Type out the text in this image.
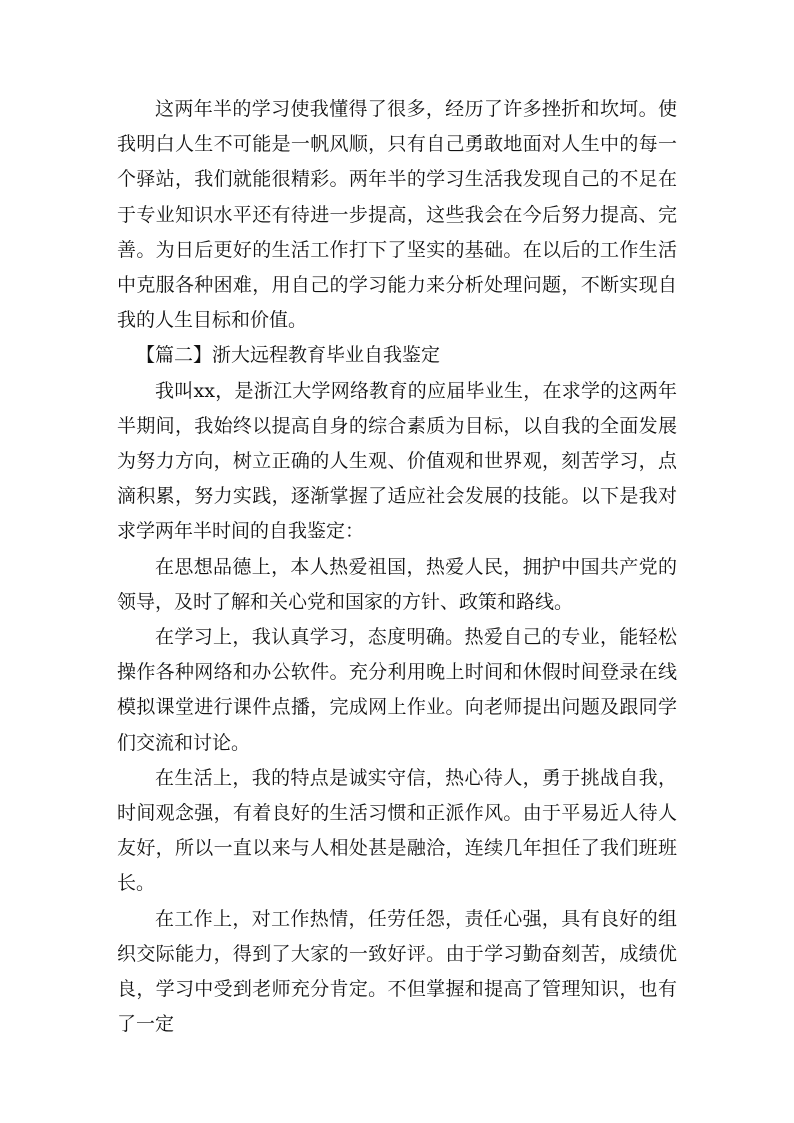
这两年半的学习使我懂得了很多，经历了许多挫折和坎坷。使我明白人生不可能是一帆风顺，只有自己勇敢地面对人生中的每一个驿站，我们就能很精彩。两年半的学习生活我发现自己的不足在于专业知识水平还有待进一步提高，这些我会在今后努力提高、完善。为日后更好的生活工作打下了坚实的基础。在以后的工作生活中克服各种困难，用自己的学习能力来分析处理问题，不断实现自我的人生目标和价值。

【篇二】浙大远程教育毕业自我鉴定

我叫xx，是浙江大学网络教育的应届毕业生，在求学的这两年半期间，我始终以提高自身的综合素质为目标，以自我的全面发展为努力方向，树立正确的人生观、价值观和世界观，刻苦学习，点滴积累，努力实践，逐渐掌握了适应社会发展的技能。以下是我对求学两年半时间的自我鉴定：

在思想品德上，本人热爱祖国，热爱人民，拥护中国共产党的领导，及时了解和关心党和国家的方针、政策和路线。

在学习上，我认真学习，态度明确。热爱自己的专业，能轻松操作各种网络和办公软件。充分利用晚上时间和休假时间登录在线模拟课堂进行课件点播，完成网上作业。向老师提出问题及跟同学们交流和讨论。

在生活上，我的特点是诚实守信，热心待人，勇于挑战自我，时间观念强，有着良好的生活习惯和正派作风。由于平易近人待人友好，所以一直以来与人相处甚是融洽，连续几年担任了我们班班长。

在工作上，对工作热情，任劳任怨，责任心强，具有良好的组织交际能力，得到了大家的一致好评。由于学习勤奋刻苦，成绩优良，学习中受到老师充分肯定。不但掌握和提高了管理知识，也有了一定
